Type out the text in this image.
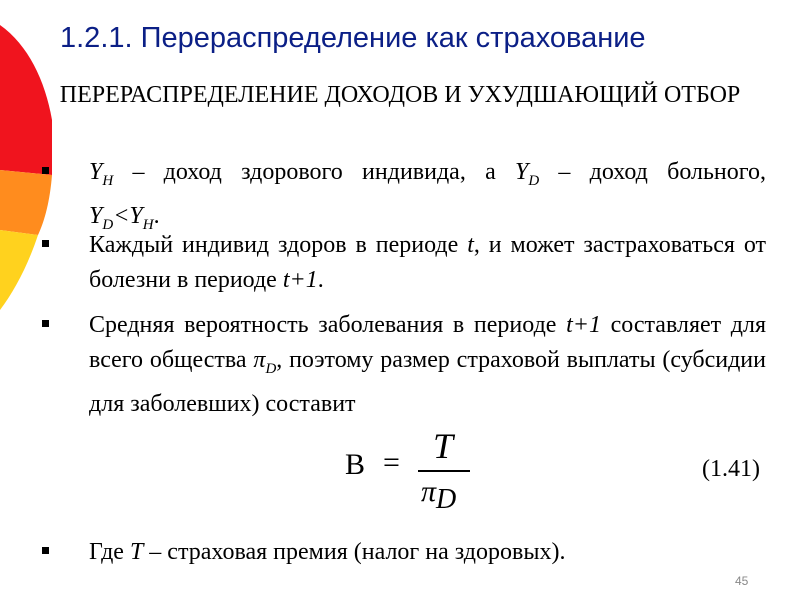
1.2.1. Перераспределение как страхование
ПЕРЕРАСПРЕДЕЛЕНИЕ ДОХОДОВ И УХУДШАЮЩИЙ ОТБОР
$Y_H$ – доход здорового индивида, а $Y_D$ – доход больного,
$Y_D<Y_H$.
Каждый индивид здоров в периоде t, и может застраховаться от болезни в периоде t+1.
Средняя вероятность заболевания в периоде t+1 составляет для всего общества $\pi_D$, поэтому размер страховой выплаты (субсидии для заболевших) составит
B = T
$\pi_D$
(1.41)
Где T – страховая премия (налог на здоровых).
45
